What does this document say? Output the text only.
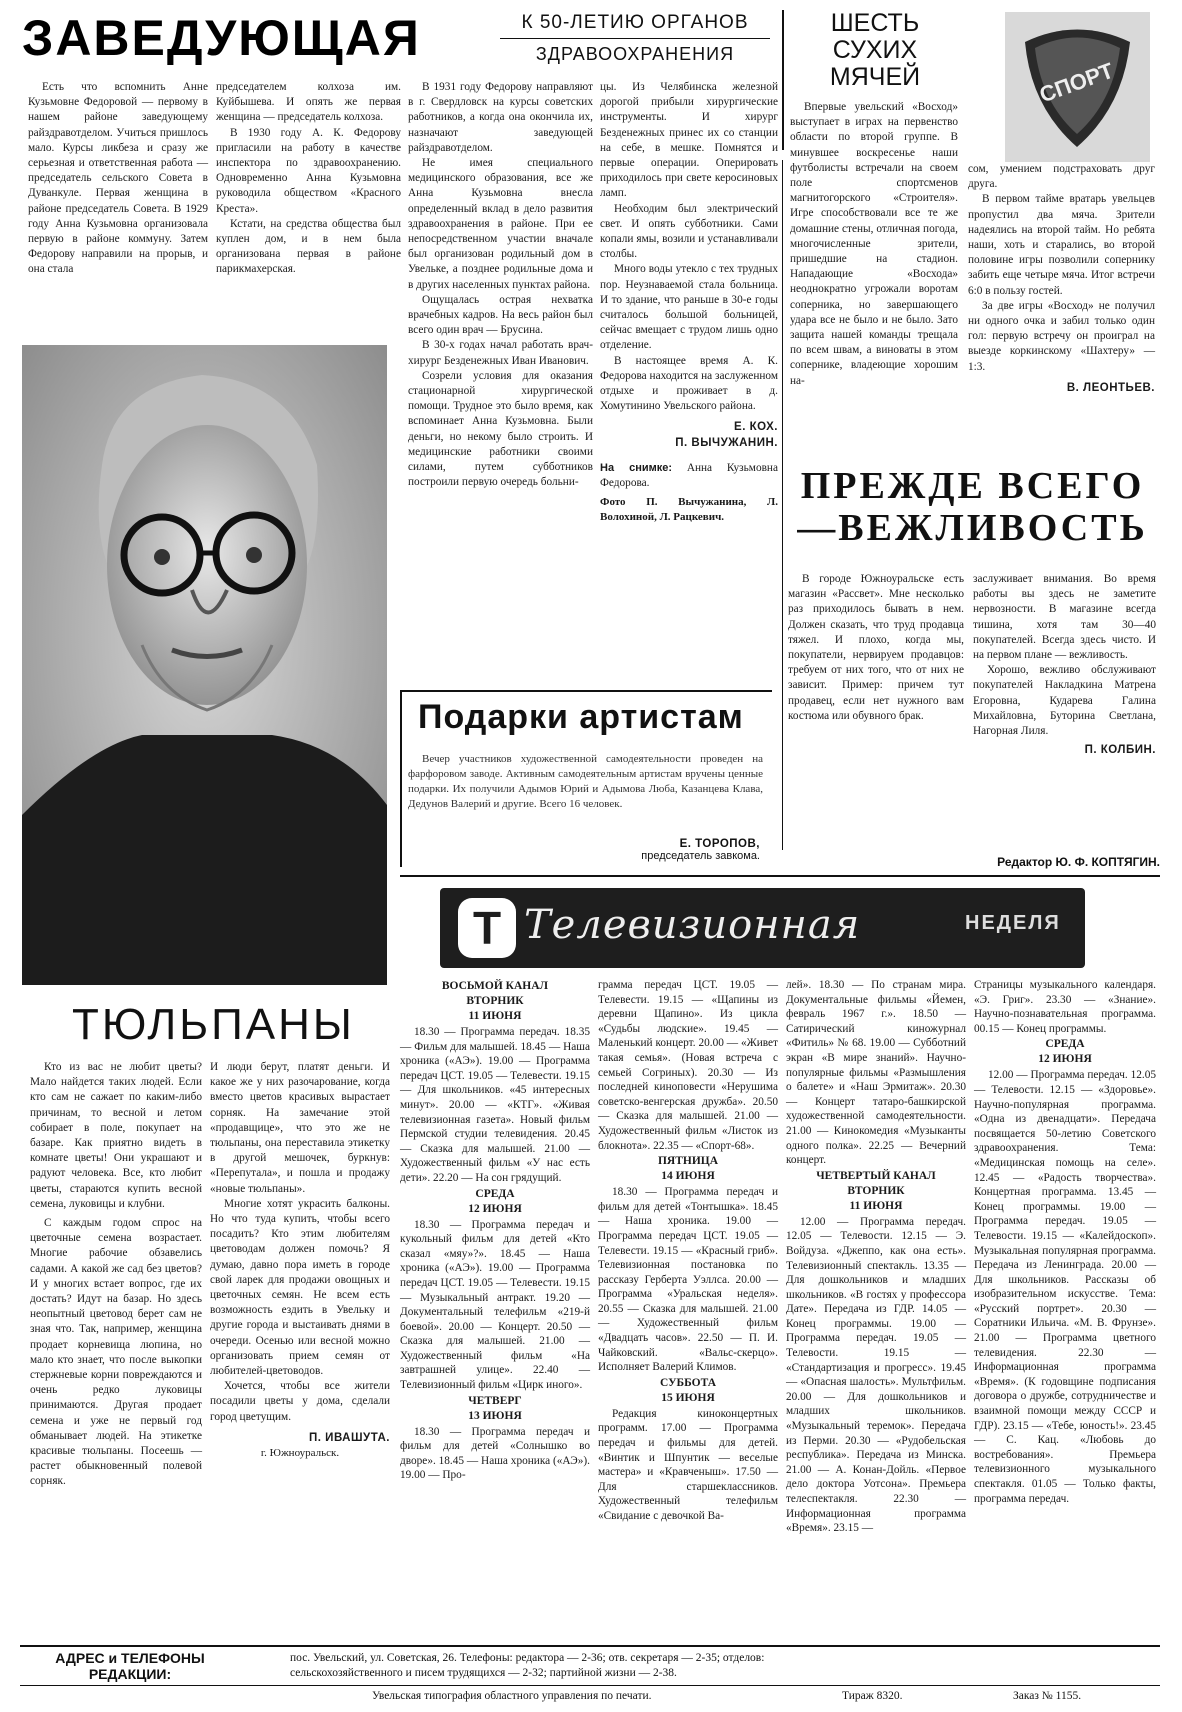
ЗАВЕДУЮЩАЯ	К 50-ЛЕТИЮ ОРГАНОВ
ЗДРАВООХРАНЕНИЯ
ШЕСТЬ
СУХИХ
МЯЧЕЙ	СПОРТ

Есть что вспомнить Анне Кузьмовне Федоровой — первому в нашем районе заведующему райздравотделом. Учиться пришлось мало. Курсы ликбеза и сразу же серьезная и ответственная работа — председатель сельского Совета в Дуванкуле. Первая женщина в районе председатель Совета. В 1929 году Анна Кузьмовна организовала первую в районе коммуну. Затем Федорову направили на прорыв, и она стала

председателем колхоза им. Куйбышева. И опять же первая женщина — председатель колхоза.

В 1930 году А. К. Федорову пригласили на работу в качестве инспектора по здравоохранению. Одновременно Анна Кузьмовна руководила обществом «Красного Креста».

Кстати, на средства общества был куплен дом, и в нем была организована первая в районе парикмахерская.

В 1931 году Федорову направляют в г. Свердловск на курсы советских работников, а когда она окончила их, назначают заведующей райздравотделом.

Не имея специального медицинского образования, все же Анна Кузьмовна внесла определенный вклад в дело развития здравоохранения в районе. При ее непосредственном участии вначале был организован родильный дом в Увельке, а позднее родильные дома и в других населенных пунктах района.

Ощущалась острая нехватка врачебных кадров. На весь район был всего один врач — Брусина.

В 30-х годах начал работать врач-хирург Безденежных Иван Иванович.

Созрели условия для оказания стационарной хирургической помощи. Трудное это было время, как вспоминает Анна Кузьмовна. Были деньги, но некому было строить. И медицинские работники своими силами, путем субботников построили первую очередь больни-

цы. Из Челябинска железной дорогой прибыли хирургические инструменты. И хирург Безденежных принес их со станции на себе, в мешке. Помнятся и первые операции. Оперировать приходилось при свете керосиновых ламп.

Необходим был электрический свет. И опять субботники. Сами копали ямы, возили и устанавливали столбы.

Много воды утекло с тех трудных пор. Неузнаваемой стала больница. И то здание, что раньше в 30-е годы считалось большой больницей, сейчас вмещает с трудом лишь одно отделение.

В настоящее время А. К. Федорова находится на заслуженном отдыхе и проживает в д. Хомутинино Увельского района.

Е. КОХ.
П. ВЫЧУЖАНИН.
На снимке: Анна Кузьмовна Федорова.
Фото П. Вычужанина, Л. Волохиной, Л. Рацкевич.

Впервые увельский «Восход» выступает в играх на первенство области по второй группе. В минувшее воскресенье наши футболисты встречали на своем поле спортсменов магнитогорского «Строителя». Игре способствовали все те же домашние стены, отличная погода, многочисленные зрители, пришедшие на стадион. Нападающие «Восхода» неоднократно угрожали воротам соперника, но завершающего удара все не было и не было. Зато защита нашей команды трещала по всем швам, а виноваты в этом сопернике, владеющие хорошим на-

сом, умением подстраховать друг друга.

В первом тайме вратарь увельцев пропустил два мяча. Зрители надеялись на второй тайм. Но ребята наши, хоть и старались, во второй половине игры позволили сопернику забить еще четыре мяча. Итог встречи 6:0 в пользу гостей.

За две игры «Восход» не получил ни одного очка и забил только один гол: первую встречу он проиграл на выезде коркинскому «Шахтеру» — 1:3.

В. ЛЕОНТЬЕВ.
ПРЕЖДЕ ВСЕГО
—ВЕЖЛИВОСТЬ

В городе Южноуральске есть магазин «Рассвет». Мне несколько раз приходилось бывать в нем. Должен сказать, что труд продавца тяжел. И плохо, когда мы, покупатели, нервируем продавцов: требуем от них того, что от них не зависит. Пример: причем тут продавец, если нет нужного вам костюма или обувного брак.

заслуживает внимания. Во время работы вы здесь не заметите нервозности. В магазине всегда тишина, хотя там 30—40 покупателей. Всегда здесь чисто. И на первом плане — вежливость.

Хорошо, вежливо обслуживают покупателей Накладкина Матрена Егоровна, Кударева Галина Михайловна, Буторина Светлана, Нагорная Лиля.

П. КОЛБИН.
Подарки артистам

Вечер участников художественной самодеятельности проведен на фарфоровом заводе. Активным самодеятельным артистам вручены ценные подарки. Их получили Адымов Юрий и Адымова Люба, Казанцева Клава, Дедунов Валерий и другие. Всего 16 человек.

Е. ТОРОПОВ,
председатель завкома.	Редактор Ю. Ф. КОПТЯГИН.
ТЮЛЬПАНЫ

Кто из вас не любит цветы? Мало найдется таких людей. Если кто сам не сажает по каким-либо причинам, то весной и летом собирает в поле, покупает на базаре. Как приятно видеть в комнате цветы! Они украшают и радуют человека. Все, кто любит цветы, стараются купить весной семена, луковицы и клубни.

С каждым годом спрос на цветочные семена возрастает. Многие рабочие обзавелись садами. А какой же сад без цветов? И у многих встает вопрос, где их достать? Идут на базар. Но здесь неопытный цветовод берет сам не зная что. Так, например, женщина продает корневища люпина, но мало кто знает, что после выкопки стержневые корни повреждаются и очень редко луковицы принимаются. Другая продает семена и уже не первый год обманывает людей. На этикетке красивые тюльпаны. Посеешь — растет обыкновенный полевой сорняк.

И люди берут, платят деньги. И какое же у них разочарование, когда вместо цветов красивых вырастает сорняк. На замечание этой «продавщице», что это же не тюльпаны, она переставила этикетку в другой мешочек, буркнув: «Перепутала», и пошла и продажу «новые тюльпаны».

Многие хотят украсить балконы. Но что туда купить, чтобы всего посадить? Кто этим любителям цветоводам должен помочь? Я думаю, давно пора иметь в городе свой ларек для продажи овощных и цветочных семян. Не всем есть возможность ездить в Увельку и другие города и выстаивать днями в очереди. Осенью или весной можно организовать прием семян от любителей-цветоводов.

Хочется, чтобы все жители посадили цветы у дома, сделали город цветущим.

П. ИВАШУТА.
г. Южноуральск.
Т Телевизионная	НЕДЕЛЯ
ВОСЬМОЙ КАНАЛ
ВТОРНИК
11 ИЮНЯ

18.30 — Программа передач. 18.35 — Фильм для малышей. 18.45 — Наша хроника («АЭ»). 19.00 — Программа передач ЦСТ. 19.05 — Телевести. 19.15 — Для школьников. «45 интересных минут». 20.00 — «КТГ». «Живая телевизионная газета». Новый фильм Пермской студии телевидения. 20.45 — Сказка для малышей. 21.00 — Художественный фильм «У нас есть дети». 22.20 — На сон грядущий.

СРЕДА
12 ИЮНЯ

18.30 — Программа передач и кукольный фильм для детей «Кто сказал «мяу»?». 18.45 — Наша хроника («АЭ»). 19.00 — Программа передач ЦСТ. 19.05 — Телевести. 19.15 — Музыкальный антракт. 19.20 — Документальный телефильм «219-й боевой». 20.00 — Концерт. 20.50 — Сказка для малышей. 21.00 — Художественный фильм «На завтрашней улице». 22.40 — Телевизионный фильм «Цирк иного».

ЧЕТВЕРГ
13 ИЮНЯ

18.30 — Программа передач и фильм для детей «Солнышко во дворе». 18.45 — Наша хроника («АЭ»). 19.00 — Про-

грамма передач ЦСТ. 19.05 — Телевести. 19.15 — «Щапины из деревни Щапино». Из цикла «Судьбы людские». 19.45 — Маленький концерт. 20.00 — «Живет такая семья». (Новая встреча с семьей Согриных). 20.30 — Из последней киноповести «Нерушима советско-венгерская дружба». 20.50 — Сказка для малышей. 21.00 — Художественный фильм «Листок из блокнота». 22.35 — «Спорт-68».

ПЯТНИЦА
14 ИЮНЯ

18.30 — Программа передач и фильм для детей «Тонтышка». 18.45 — Наша хроника. 19.00 — Программа передач ЦСТ. 19.05 — Телевести. 19.15 — «Красный гриб». Телевизионная постановка по рассказу Герберта Уэллса. 20.00 — Программа «Уральская неделя». 20.55 — Сказка для малышей. 21.00 — Художественный фильм «Двадцать часов». 22.50 — П. И. Чайковский. «Вальс-скерцо». Исполняет Валерий Климов.

СУББОТА
15 ИЮНЯ

Редакция киноконцертных программ. 17.00 — Программа передач и фильмы для детей. «Винтик и Шпунтик — веселые мастера» и «Кравченыш». 17.50 — Для старшеклассников. Художественный телефильм «Свидание с девочкой Ва-

лей». 18.30 — По странам мира. Документальные фильмы «Йемен, февраль 1967 г.». 18.50 — Сатирический киножурнал «Фитиль» № 68. 19.00 — Субботний экран «В мире знаний». Научно-популярные фильмы «Размышления о балете» и «Наш Эрмитаж». 20.30 — Концерт татаро-башкирской художественной самодеятельности. 21.00 — Кинокомедия «Музыканты одного полка». 22.25 — Вечерний концерт.

ЧЕТВЕРТЫЙ КАНАЛ
ВТОРНИК
11 ИЮНЯ

12.00 — Программа передач. 12.05 — Телевости. 12.15 — Э. Войдуза. «Джеппо, как она есть». Телевизионный спектакль. 13.35 — Для дошкольников и младших школьников. «В гостях у профессора Дате». Передача из ГДР. 14.05 — Конец программы. 19.00 — Программа передач. 19.05 — Телевости. 19.15 — «Стандартизация и прогресс». 19.45 — «Опасная шалость». Мультфильм. 20.00 — Для дошкольников и младших школьников. «Музыкальный теремок». Передача из Перми. 20.30 — «Рудобельская республика». Передача из Минска. 21.00 — А. Конан-Дойль. «Первое дело доктора Уотсона». Премьера телеспектакля. 22.30 — Информационная программа «Время». 23.15 —

Страницы музыкального календаря. «Э. Григ». 23.30 — «Знание». Научно-познавательная программа. 00.15 — Конец программы.

СРЕДА
12 ИЮНЯ

12.00 — Программа передач. 12.05 — Телевости. 12.15 — «Здоровье». Научно-популярная программа. «Одна из двенадцати». Передача посвящается 50-летию Советского здравоохранения. Тема: «Медицинская помощь на селе». 12.45 — «Радость творчества». Концертная программа. 13.45 — Конец программы. 19.00 — Программа передач. 19.05 — Телевости. 19.15 — «Калейдоскоп». Музыкальная популярная программа. Передача из Ленинграда. 20.00 — Для школьников. Рассказы об изобразительном искусстве. Тема: «Русский портрет». 20.30 — Соратники Ильича. «М. В. Фрунзе». 21.00 — Программа цветного телевидения. 22.30 — Информационная программа «Время». (К годовщине подписания договора о дружбе, сотрудничестве и взаимной помощи между СССР и ГДР). 23.15 — «Тебе, юность!». 23.45 — С. Кац. «Любовь до востребования». Премьера телевизионного музыкального спектакля. 01.05 — Только факты, программа передач.

АДРЕС и ТЕЛЕФОНЫ
РЕДАКЦИИ:
пос. Увельский, ул. Советская, 26. Телефоны: редактора — 2-36; отв. секретаря — 2-35; отделов:
сельскохозяйственного и писем трудящихся — 2-32; партийной жизни — 2-38.
Увельская типография областного управления по печати.	Тираж 8320.	Заказ № 1155.
